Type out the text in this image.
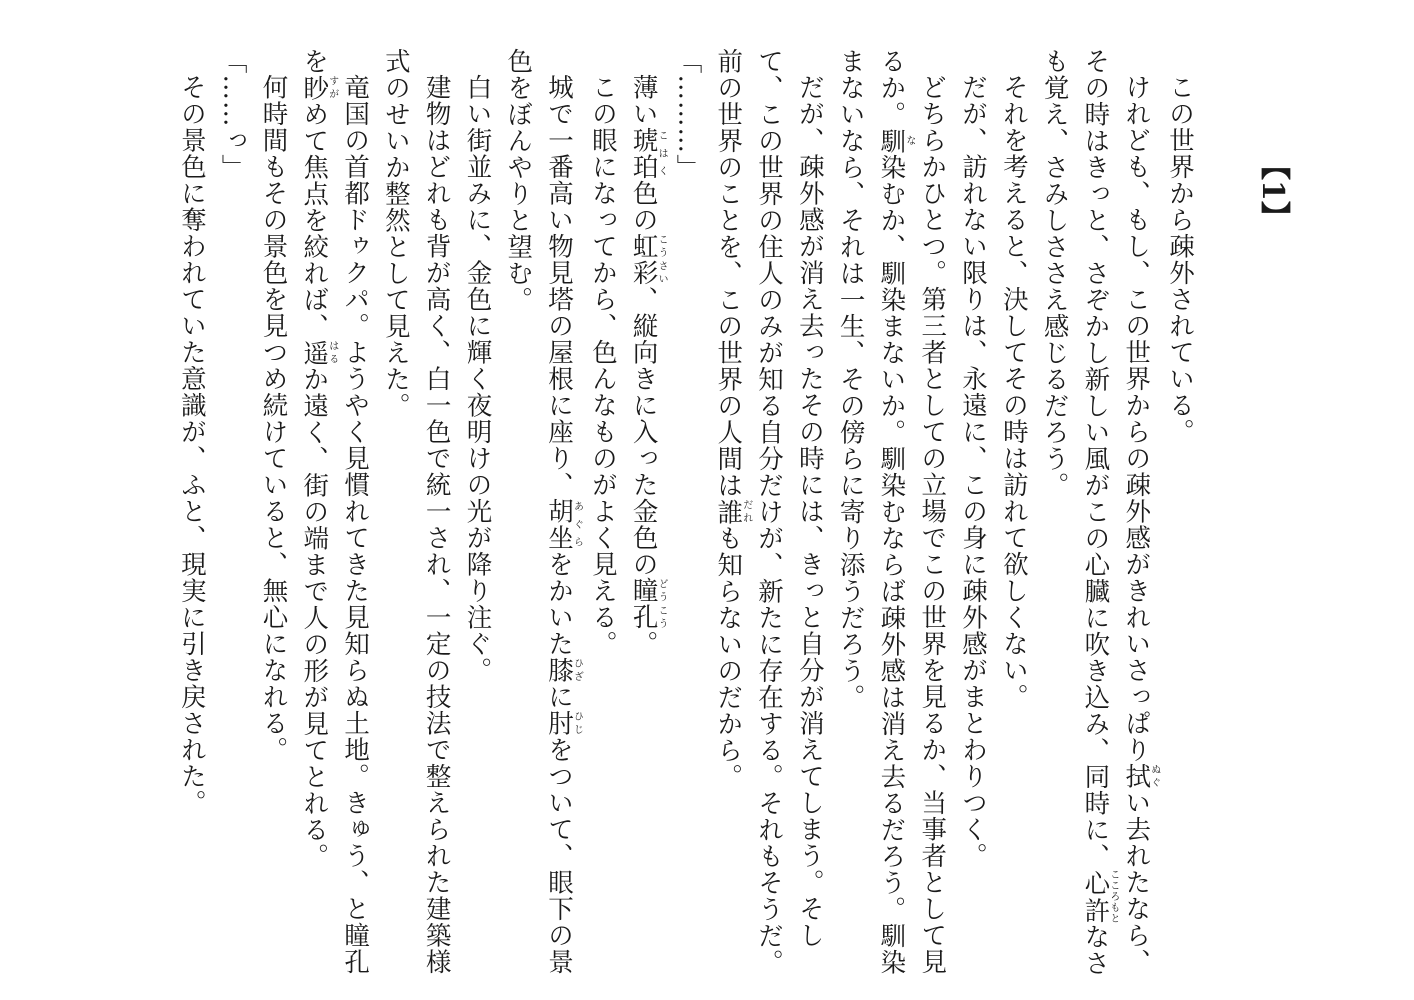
【1】

この世界から疎外されている。

けれども、もし、この世界からの疎外感がきれいさっぱり拭ぬぐい去れたなら、その時はきっと、さぞかし新しい風がこの心臓に吹き込み、同時に、心許こころもとなさも覚え、さみしささえ感じるだろう。

それを考えると、決してその時は訪れて欲しくない。

だが、訪れない限りは、永遠に、この身に疎外感がまとわりつく。

どちらかひとつ。第三者としての立場でこの世界を見るか、当事者として見るか。馴な染むか、馴染まないか。馴染むならば疎外感は消え去るだろう。馴染まないなら、それは一生、その傍らに寄り添うだろう。

だが、疎外感が消え去ったその時には、きっと自分が消えてしまう。そして、この世界の住人のみが知る自分だけが、新たに存在する。それもそうだ。前の世界のことを、この世界の人間は誰だれも知らないのだから。

「………」

薄い琥珀こはく色の虹彩こうさい、縦向きに入った金色の瞳孔どうこう。

この眼になってから、色んなものがよく見える。

城で一番高い物見塔の屋根に座り、胡坐あぐらをかいた膝ひざに肘ひじをついて、眼下の景色をぼんやりと望む。

白い街並みに、金色に輝く夜明けの光が降り注ぐ。

建物はどれも背が高く、白一色で統一され、一定の技法で整えられた建築様式のせいか整然として見えた。

竜国の首都ドゥクパ。ようやく見慣れてきた見知らぬ土地。きゅう、と瞳孔を眇すがめて焦点を絞れば、遥はるか遠く、街の端まで人の形が見てとれる。

何時間もその景色を見つめ続けていると、無心になれる。

「……っ」

その景色に奪われていた意識が、ふと、現実に引き戻された。
